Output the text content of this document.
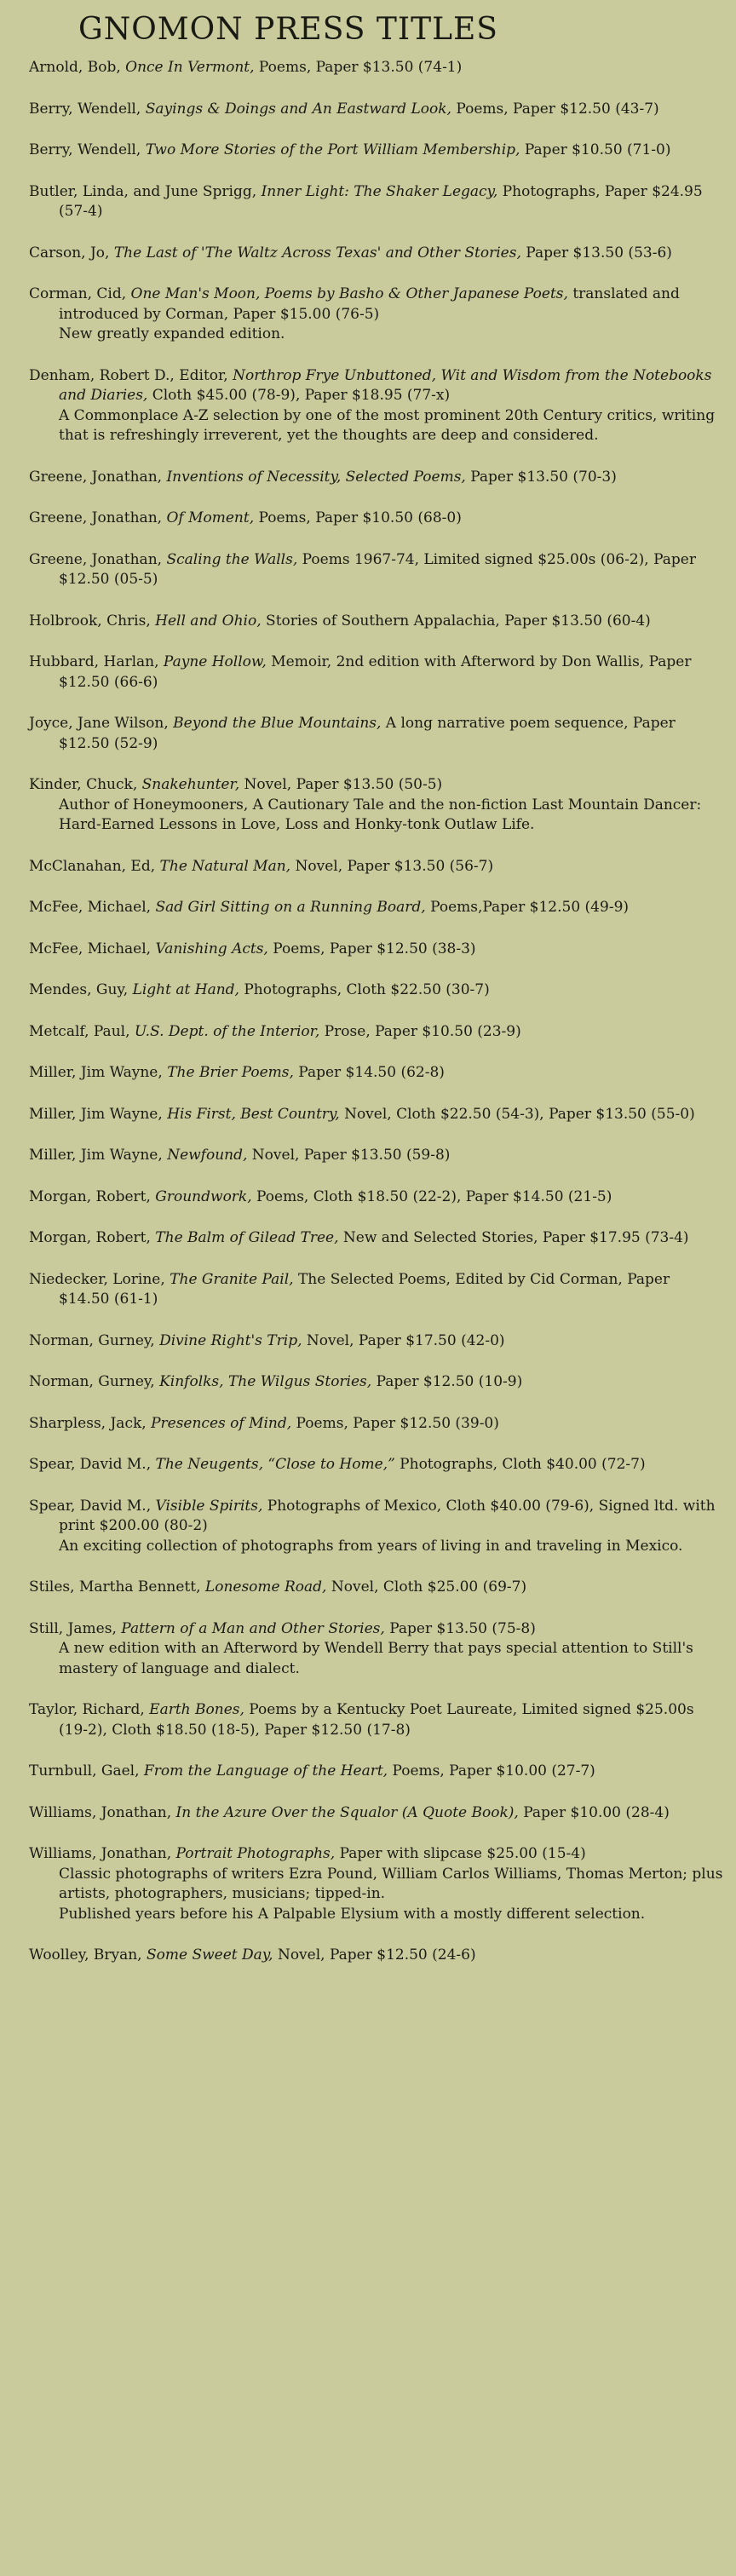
GNOMON PRESS TITLES
Arnold, Bob, Once In Vermont, Poems, Paper $13.50 (74-1)
Berry, Wendell, Sayings & Doings and An Eastward Look, Poems, Paper $12.50 (43-7)
Berry, Wendell, Two More Stories of the Port William Membership, Paper $10.50 (71-0)
Butler, Linda, and June Sprigg, Inner Light: The Shaker Legacy, Photographs, Paper $24.95 (57-4)
Carson, Jo, The Last of 'The Waltz Across Texas' and Other Stories, Paper $13.50 (53-6)
Corman, Cid, One Man's Moon, Poems by Basho & Other Japanese Poets, translated and introduced by Corman, Paper $15.00 (76-5)
New greatly expanded edition.
Denham, Robert D., Editor, Northrop Frye Unbuttoned, Wit and Wisdom from the Notebooks and Diaries, Cloth $45.00 (78-9), Paper $18.95 (77-x)
A Commonplace A-Z selection by one of the most prominent 20th Century critics, writing that is refreshingly irreverent, yet the thoughts are deep and considered.
Greene, Jonathan, Inventions of Necessity, Selected Poems, Paper $13.50 (70-3)
Greene, Jonathan, Of Moment, Poems, Paper $10.50 (68-0)
Greene, Jonathan, Scaling the Walls, Poems 1967-74, Limited signed $25.00s (06-2), Paper $12.50 (05-5)
Holbrook, Chris, Hell and Ohio, Stories of Southern Appalachia, Paper $13.50 (60-4)
Hubbard, Harlan, Payne Hollow, Memoir, 2nd edition with Afterword by Don Wallis, Paper $12.50 (66-6)
Joyce, Jane Wilson, Beyond the Blue Mountains, A long narrative poem sequence, Paper $12.50 (52-9)
Kinder, Chuck, Snakehunter, Novel, Paper $13.50 (50-5)
Author of Honeymooners, A Cautionary Tale and the non-fiction Last Mountain Dancer: Hard-Earned Lessons in Love, Loss and Honky-tonk Outlaw Life.
McClanahan, Ed, The Natural Man, Novel, Paper $13.50 (56-7)
McFee, Michael, Sad Girl Sitting on a Running Board, Poems,Paper $12.50 (49-9)
McFee, Michael, Vanishing Acts, Poems, Paper $12.50 (38-3)
Mendes, Guy, Light at Hand, Photographs, Cloth $22.50 (30-7)
Metcalf, Paul, U.S. Dept. of the Interior, Prose, Paper $10.50 (23-9)
Miller, Jim Wayne, The Brier Poems, Paper $14.50 (62-8)
Miller, Jim Wayne, His First, Best Country, Novel, Cloth $22.50 (54-3), Paper $13.50 (55-0)
Miller, Jim Wayne, Newfound, Novel, Paper $13.50 (59-8)
Morgan, Robert, Groundwork, Poems, Cloth $18.50 (22-2), Paper $14.50 (21-5)
Morgan, Robert, The Balm of Gilead Tree, New and Selected Stories, Paper $17.95 (73-4)
Niedecker, Lorine, The Granite Pail, The Selected Poems, Edited by Cid Corman, Paper $14.50 (61-1)
Norman, Gurney, Divine Right's Trip, Novel, Paper $17.50 (42-0)
Norman, Gurney, Kinfolks, The Wilgus Stories, Paper $12.50 (10-9)
Sharpless, Jack, Presences of Mind, Poems, Paper $12.50 (39-0)
Spear, David M., The Neugents, “Close to Home,” Photographs, Cloth $40.00 (72-7)
Spear, David M., Visible Spirits, Photographs of Mexico, Cloth $40.00 (79-6), Signed ltd. with print $200.00 (80-2)
An exciting collection of photographs from years of living in and traveling in Mexico.
Stiles, Martha Bennett, Lonesome Road, Novel, Cloth $25.00 (69-7)
Still, James, Pattern of a Man and Other Stories, Paper $13.50 (75-8)
A new edition with an Afterword by Wendell Berry that pays special attention to Still's mastery of language and dialect.
Taylor, Richard, Earth Bones, Poems by a Kentucky Poet Laureate, Limited signed $25.00s (19-2), Cloth $18.50 (18-5), Paper $12.50 (17-8)
Turnbull, Gael, From the Language of the Heart, Poems, Paper $10.00 (27-7)
Williams, Jonathan, In the Azure Over the Squalor (A Quote Book), Paper $10.00 (28-4)
Williams, Jonathan, Portrait Photographs, Paper with slipcase $25.00 (15-4)
Classic photographs of writers Ezra Pound, William Carlos Williams, Thomas Merton; plus artists, photographers, musicians; tipped-in.
Published years before his A Palpable Elysium with a mostly different selection.
Woolley, Bryan, Some Sweet Day, Novel, Paper $12.50 (24-6)
